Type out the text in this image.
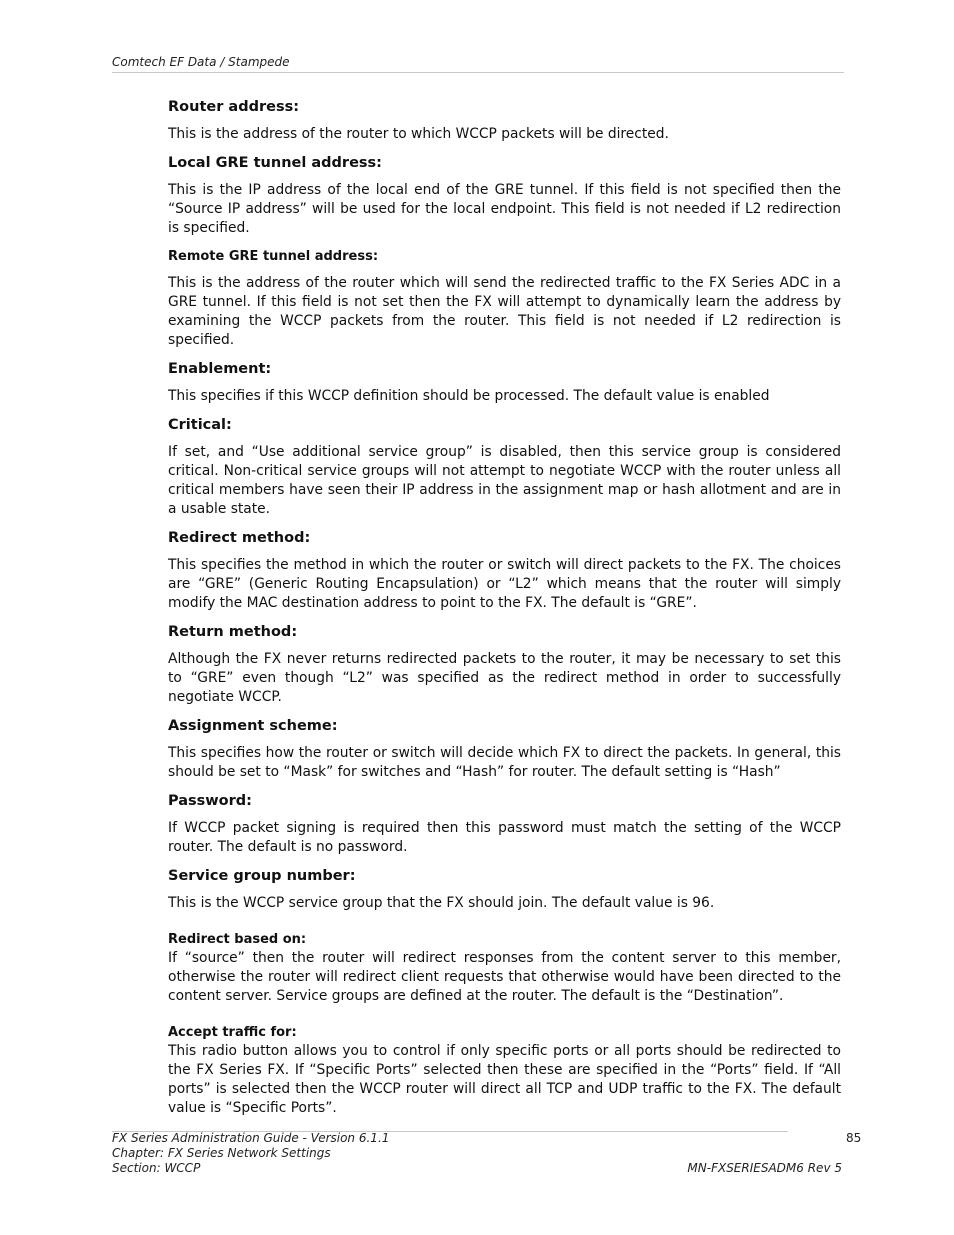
Comtech EF Data / Stampede
Router address:
This is the address of the router to which WCCP packets will be directed.
Local GRE tunnel address:
This is the IP address of the local end of the GRE tunnel. If this field is not specified then the “Source IP address” will be used for the local endpoint. This field is not needed if L2 redirection is specified.
Remote GRE tunnel address:
This is the address of the router which will send the redirected traffic to the FX Series ADC in a GRE tunnel. If this field is not set then the FX will attempt to dynamically learn the address by examining the WCCP packets from the router. This field is not needed if L2 redirection is specified.
Enablement:
This specifies if this WCCP definition should be processed. The default value is enabled
Critical:
If set, and “Use additional service group” is disabled, then this service group is considered critical. Non-critical service groups will not attempt to negotiate WCCP with the router unless all critical members have seen their IP address in the assignment map or hash allotment and are in a usable state.
Redirect method:
This specifies the method in which the router or switch will direct packets to the FX. The choices are “GRE” (Generic Routing Encapsulation) or “L2” which means that the router will simply modify the MAC destination address to point to the FX. The default is “GRE”.
Return method:
Although the FX never returns redirected packets to the router, it may be necessary to set this to “GRE” even though “L2” was specified as the redirect method in order to successfully negotiate WCCP.
Assignment scheme:
This specifies how the router or switch will decide which FX to direct the packets. In general, this should be set to “Mask” for switches and “Hash” for router. The default setting is “Hash”
Password:
If WCCP packet signing is required then this password must match the setting of the WCCP router. The default is no password.
Service group number:
This is the WCCP service group that the FX should join. The default value is 96.
Redirect based on:
If “source” then the router will redirect responses from the content server to this member, otherwise the router will redirect client requests that otherwise would have been directed to the content server. Service groups are defined at the router. The default is the “Destination”.
Accept traffic for:
This radio button allows you to control if only specific ports or all ports should be redirected to the FX Series FX. If “Specific Ports” selected then these are specified in the “Ports” field. If “All ports” is selected then the WCCP router will direct all TCP and UDP traffic to the FX. The default value is “Specific Ports”.
FX Series Administration Guide - Version 6.1.1
Chapter: FX Series Network Settings
Section: WCCP
85
MN-FXSERIESADM6 Rev 5
